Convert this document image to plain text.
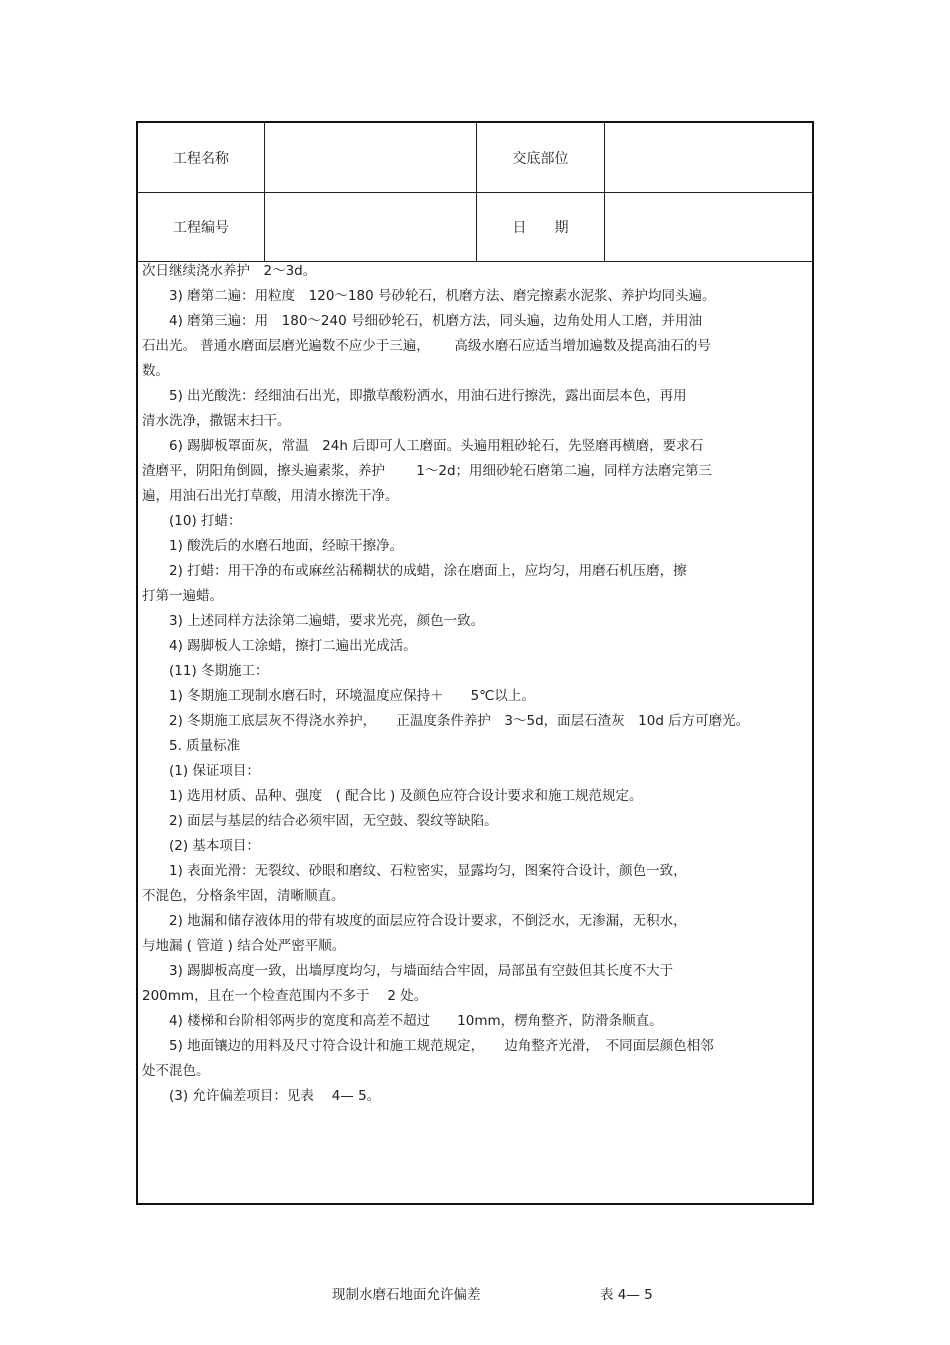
工程名称	交底部位
工程编号	日　　期
次日继续浇水养护　2～3d。
　　3) 磨第二遍：用粒度　120～180 号砂轮石，机磨方法、磨完擦素水泥浆、养护均同头遍。
　　4) 磨第三遍：用　180～240 号细砂轮石，机磨方法，同头遍，边角处用人工磨，并用油
石出光。 普通水磨面层磨光遍数不应少于三遍，　　 高级水磨石应适当增加遍数及提高油石的号
数。
　　5) 出光酸洗：经细油石出光，即撒草酸粉洒水，用油石进行擦洗，露出面层本色，再用
清水洗净，撒锯末扫干。
　　6) 踢脚板罩面灰，常温　24h 后即可人工磨面。头遍用粗砂轮石，先竖磨再横磨，要求石
渣磨平，阴阳角倒圆，擦头遍素浆，养护　　 1～2d；用细砂轮石磨第二遍，同样方法磨完第三
遍，用油石出光打草酸，用清水擦洗干净。
　　(10) 打蜡：
　　1) 酸洗后的水磨石地面，经晾干擦净。
　　2) 打蜡：用干净的布或麻丝沾稀糊状的成蜡，涂在磨面上，应均匀，用磨石机压磨，擦
打第一遍蜡。
　　3) 上述同样方法涂第二遍蜡，要求光亮，颜色一致。
　　4) 踢脚板人工涂蜡，擦打二遍出光成活。
　　(11) 冬期施工：
　　1) 冬期施工现制水磨石时，环境温度应保持＋　　5℃以上。
　　2) 冬期施工底层灰不得浇水养护，　　正温度条件养护　3～5d，面层石渣灰　10d 后方可磨光。
　　5. 质量标准
　　(1) 保证项目：
　　1) 选用材质、品种、强度　( 配合比 ) 及颜色应符合设计要求和施工规范规定。
　　2) 面层与基层的结合必须牢固，无空鼓、裂纹等缺陷。
　　(2) 基本项目：
　　1) 表面光滑：无裂纹、砂眼和磨纹、石粒密实，显露均匀，图案符合设计，颜色一致，
不混色，分格条牢固，清晰顺直。
　　2) 地漏和储存液体用的带有坡度的面层应符合设计要求，不倒泛水，无渗漏，无积水，
与地漏 ( 管道 ) 结合处严密平顺。
　　3) 踢脚板高度一致，出墙厚度均匀，与墙面结合牢固，局部虽有空鼓但其长度不大于
200mm，且在一个检查范围内不多于　 2 处。
　　4) 楼梯和台阶相邻两步的宽度和高差不超过　　10mm，楞角整齐，防滑条顺直。
　　5) 地面镶边的用料及尺寸符合设计和施工规范规定，　　边角整齐光滑，　不同面层颜色相邻
处不混色。
　　(3) 允许偏差项目：见表　 4— 5。
现制水磨石地面允许偏差	表 4— 5
